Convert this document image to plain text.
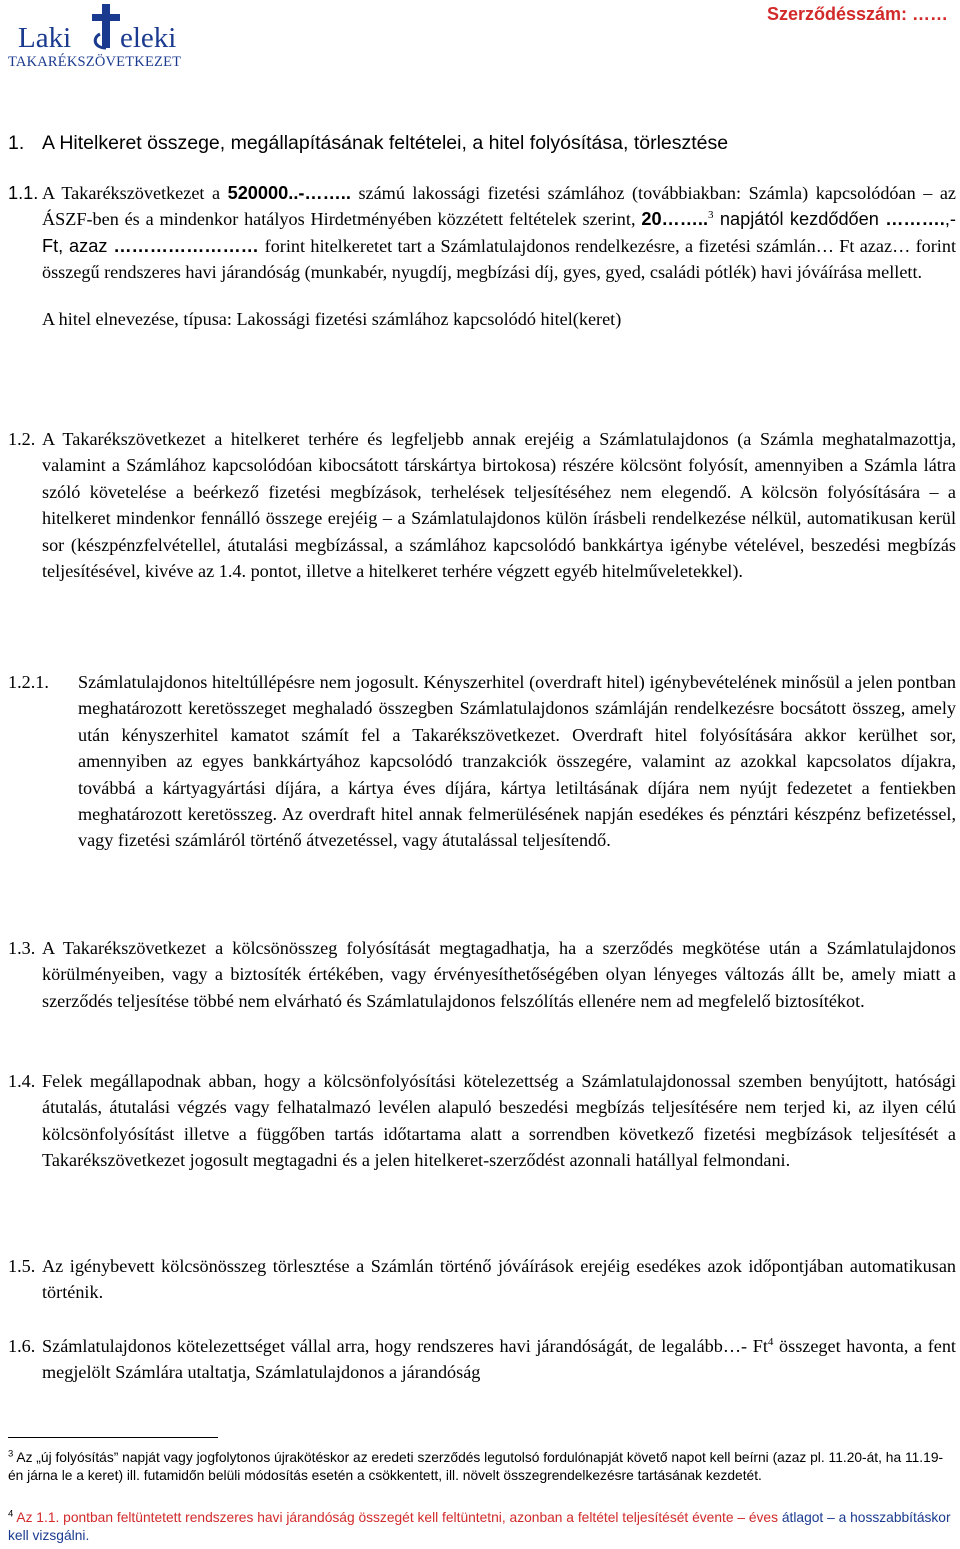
Laki eleki
TAKARÉKSZÖVETKEZET
Szerződésszám: ……
1. A Hitelkeret összege, megállapításának feltételei, a hitel folyósítása, törlesztése
1.1. A Takarékszövetkezet a 520000..-…….. számú lakossági fizetési számlához (továbbiakban: Számla) kapcsolódóan – az ÁSZF-ben és a mindenkor hatályos Hirdetményében közzétett feltételek szerint, 20……..$^3$ napjától kezdődően ……….,- Ft, azaz …………………… forint hitelkeretet tart a Számlatulajdonos rendelkezésre, a fizetési számlán… Ft azaz… forint összegű rendszeres havi járandóság (munkabér, nyugdíj, megbízási díj, gyes, gyed, családi pótlék) havi jóváírása mellett.

A hitel elnevezése, típusa: Lakossági fizetési számlához kapcsolódó hitel(keret)

1.2. A Takarékszövetkezet a hitelkeret terhére és legfeljebb annak erejéig a Számlatulajdonos (a Számla meghatalmazottja, valamint a Számlához kapcsolódóan kibocsátott társkártya birtokosa) részére kölcsönt folyósít, amennyiben a Számla látra szóló követelése a beérkező fizetési megbízások, terhelések teljesítéséhez nem elegendő. A kölcsön folyósítására – a hitelkeret mindenkor fennálló összege erejéig – a Számlatulajdonos külön írásbeli rendelkezése nélkül, automatikusan kerül sor (készpénzfelvétellel, átutalási megbízással, a számlához kapcsolódó bankkártya igénybe vételével, beszedési megbízás teljesítésével, kivéve az 1.4. pontot, illetve a hitelkeret terhére végzett egyéb hitelműveletekkel).

1.2.1. Számlatulajdonos hiteltúllépésre nem jogosult. Kényszerhitel (overdraft hitel) igénybevételének minősül a jelen pontban meghatározott keretösszeget meghaladó összegben Számlatulajdonos számláján rendelkezésre bocsátott összeg, amely után kényszerhitel kamatot számít fel a Takarékszövetkezet. Overdraft hitel folyósítására akkor kerülhet sor, amennyiben az egyes bankkártyához kapcsolódó tranzakciók összegére, valamint az azokkal kapcsolatos díjakra, továbbá a kártyagyártási díjára, a kártya éves díjára, kártya letiltásának díjára nem nyújt fedezetet a fentiekben meghatározott keretösszeg. Az overdraft hitel annak felmerülésének napján esedékes és pénztári készpénz befizetéssel, vagy fizetési számláról történő átvezetéssel, vagy átutalással teljesítendő.

1.3. A Takarékszövetkezet a kölcsönösszeg folyósítását megtagadhatja, ha a szerződés megkötése után a Számlatulajdonos körülményeiben, vagy a biztosíték értékében, vagy érvényesíthetőségében olyan lényeges változás állt be, amely miatt a szerződés teljesítése többé nem elvárható és Számlatulajdonos felszólítás ellenére nem ad megfelelő biztosítékot.

1.4. Felek megállapodnak abban, hogy a kölcsönfolyósítási kötelezettség a Számlatulajdonossal szemben benyújtott, hatósági átutalás, átutalási végzés vagy felhatalmazó levélen alapuló beszedési megbízás teljesítésére nem terjed ki, az ilyen célú kölcsönfolyósítást illetve a függőben tartás időtartama alatt a sorrendben következő fizetési megbízások teljesítését a Takarékszövetkezet jogosult megtagadni és a jelen hitelkeret-szerződést azonnali hatállyal felmondani.

1.5. Az igénybevett kölcsönösszeg törlesztése a Számlán történő jóváírások erejéig esedékes azok időpontjában automatikusan történik.

1.6. Számlatulajdonos kötelezettséget vállal arra, hogy rendszeres havi járandóságát, de legalább…- Ft$^4$ összeget havonta, a fent megjelölt Számlára utaltatja, Számlatulajdonos a járandóság

$^3$ Az „új folyósítás” napját vagy jogfolytonos újrakötéskor az eredeti szerződés legutolsó fordulónapját követő napot kell beírni (azaz pl. 11.20-át, ha 11.19-én járna le a keret) ill. futamidőn belüli módosítás esetén a csökkentett, ill. növelt összegrendelkezésre tartásának kezdetét.
$^4$ Az 1.1. pontban feltüntetett rendszeres havi járandóság összegét kell feltüntetni, azonban a feltétel teljesítését évente – éves átlagot – a hosszabbításkor kell vizsgálni.
